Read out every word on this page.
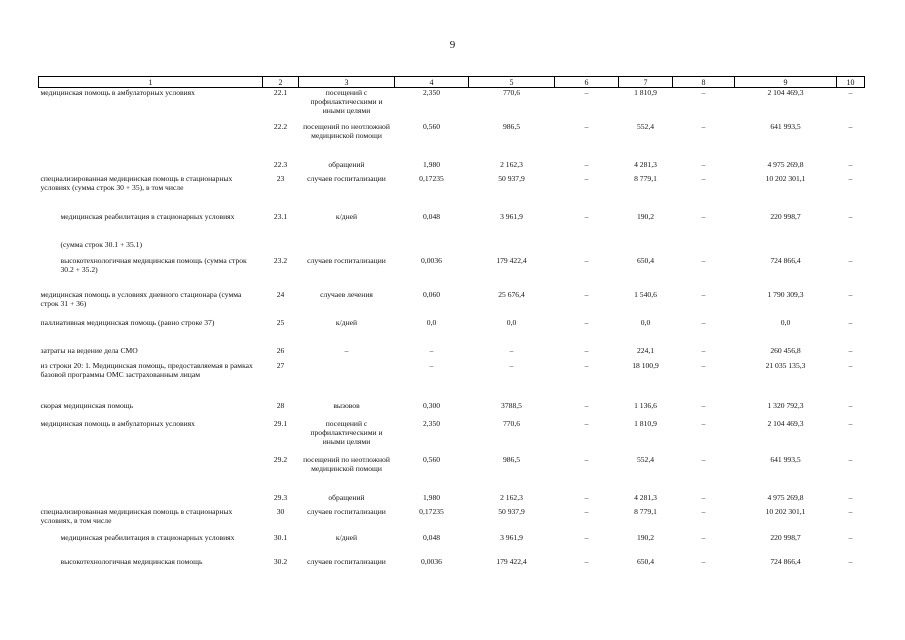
9
1	2	3	4	5	6	7	8	9	10
медицинская помощь в амбулаторных условиях	22.1	посещений с профилактическими и иными целями	2,350	770,6	–	1 810,9	–	2 104 469,3	–
	22.2	посещений по неотложной медицинской помощи	0,560	986,5	–	552,4	–	641 993,5	–
	22.3	обращений	1,980	2 162,3	–	4 281,3	–	4 975 269,8	–
специализированная медицинская помощь в стационарных условиях (сумма строк 30 + 35), в том числе	23	случаев госпитализации	0,17235	50 937,9	–	8 779,1	–	10 202 301,1	–
медицинская реабилитация в стационарных условиях	23.1	к/дней	0,048	3 961,9	–	190,2	–	220 998,7	–
(сумма строк 30.1 + 35.1)									
высокотехнологичная медицинская помощь (сумма строк 30.2 + 35.2)	23.2	случаев госпитализации	0,0036	179 422,4	–	650,4	–	724 866,4	–
медицинская помощь в условиях дневного стационара (сумма строк 31 + 36)	24	случаев лечения	0,060	25 676,4	–	1 540,6	–	1 790 309,3	–
паллиативная медицинская помощь (равно строке 37)	25	к/дней	0,0	0,0	–	0,0	–	0,0	–
затраты на ведение дела СМО	26	–	–	–	–	224,1	–	260 456,8	–
из строки 20: 1. Медицинская помощь, предоставляемая в рамках базовой программы ОМС застрахованным лицам	27		–	–	–	18 100,9	–	21 035 135,3	–
скорая медицинская помощь	28	вызовов	0,300	3788,5	–	1 136,6	–	1 320 792,3	–
медицинская помощь в амбулаторных условиях	29.1	посещений с профилактическими и иными целями	2,350	770,6	–	1 810,9	–	2 104 469,3	–
	29.2	посещений по неотложной медицинской помощи	0,560	986,5	–	552,4	–	641 993,5	–
	29.3	обращений	1,980	2 162,3	–	4 281,3	–	4 975 269,8	–
специализированная медицинская помощь в стационарных условиях, в том числе	30	случаев госпитализации	0,17235	50 937,9	–	8 779,1	–	10 202 301,1	–
медицинская реабилитация в стационарных условиях	30.1	к/дней	0,048	3 961,9	–	190,2	–	220 998,7	–
высокотехнологичная медицинская помощь	30.2	случаев госпитализации	0,0036	179 422,4	–	650,4	–	724 866,4	–
